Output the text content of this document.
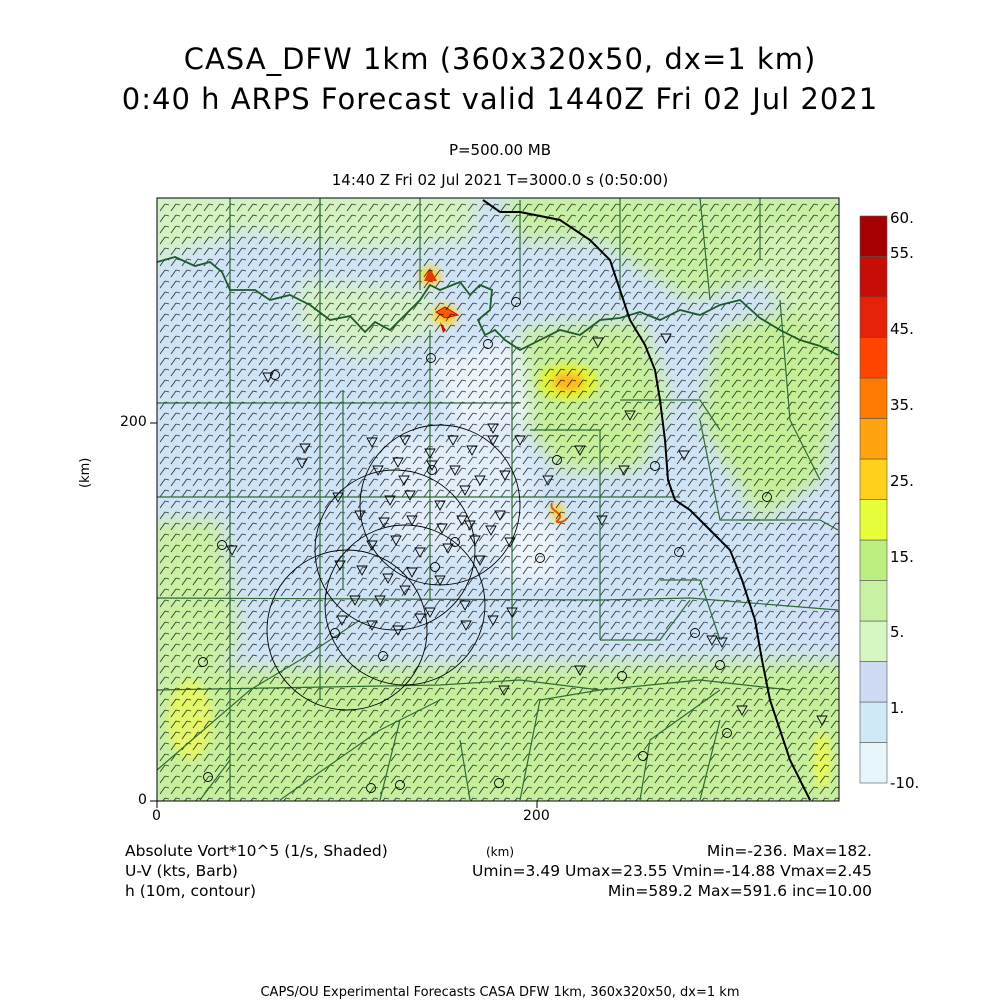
CASA_DFW 1km (360x320x50, dx=1 km)
0:40 h ARPS Forecast valid 1440Z Fri 02 Jul 2021
P=500.00 MB
14:40 Z Fri 02 Jul 2021 T=3000.0 s (0:50:00)
0	200
0
200
(km)
60.
55.
45.
35.
25.
15.
5.
1.
-10.
Absolute Vort*10^5 (1/s, Shaded)
U-V (kts, Barb)
h (10m, contour)
(km)	Min=-236. Max=182.
Umin=3.49 Umax=23.55 Vmin=-14.88 Vmax=2.45
Min=589.2 Max=591.6 inc=10.00
CAPS/OU Experimental Forecasts CASA DFW 1km, 360x320x50, dx=1 km
